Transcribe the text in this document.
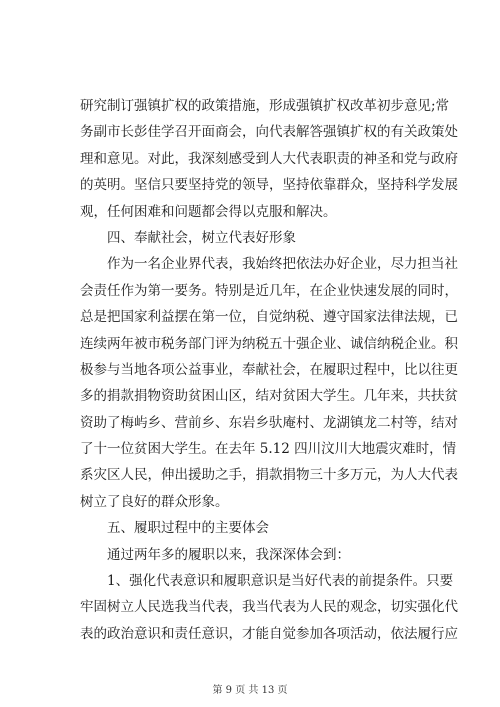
研究制订强镇扩权的政策措施，形成强镇扩权改革初步意见;常
务副市长彭佳学召开面商会，向代表解答强镇扩权的有关政策处
理和意见。对此，我深刻感受到人大代表职责的神圣和党与政府
的英明。坚信只要坚持党的领导，坚持依靠群众，坚持科学发展
观，任何困难和问题都会得以克服和解决。
四、奉献社会，树立代表好形象
作为一名企业界代表，我始终把依法办好企业，尽力担当社
会责任作为第一要务。特别是近几年，在企业快速发展的同时，
总是把国家利益摆在第一位，自觉纳税、遵守国家法律法规，已
连续两年被市税务部门评为纳税五十强企业、诚信纳税企业。积
极参与当地各项公益事业，奉献社会，在履职过程中，比以往更
多的捐款捐物资助贫困山区，结对贫困大学生。几年来，共扶贫
资助了梅屿乡、营前乡、东岩乡驮庵村、龙湖镇龙二村等，结对
了十一位贫困大学生。在去年 5.12 四川汶川大地震灾难时，情
系灾区人民，伸出援助之手，捐款捐物三十多万元，为人大代表
树立了良好的群众形象。
五、履职过程中的主要体会
通过两年多的履职以来，我深深体会到：
1、强化代表意识和履职意识是当好代表的前提条件。只要
牢固树立人民选我当代表，我当代表为人民的观念，切实强化代
表的政治意识和责任意识，才能自觉参加各项活动，依法履行应
第 9 页 共 13 页
